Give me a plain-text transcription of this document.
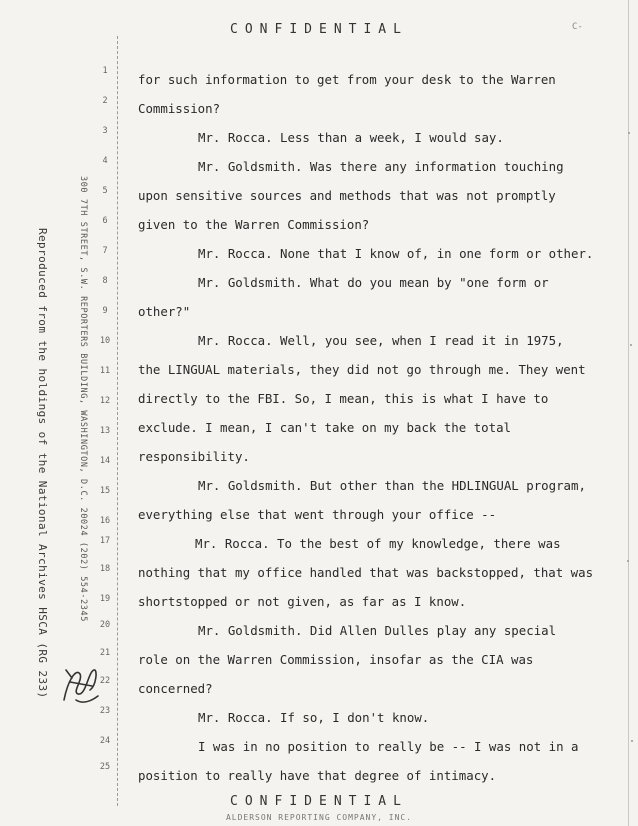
CONFIDENTIAL	C-
Reproduced from the holdings of the National Archives HSCA (RG 233)	300 7TH STREET, S.W. REPORTERS BUILDING, WASHINGTON, D.C. 20024 (202) 554-2345
1
2
3
4
5
6
7
8
9
10
11
12
13
14
15
16
17
18
19
20
21
22
23
24
25
for such information to get from your desk to the Warren
Commission?
Mr. Rocca. Less than a week, I would say.
Mr. Goldsmith. Was there any information touching
upon sensitive sources and methods that was not promptly
given to the Warren Commission?
Mr. Rocca. None that I know of, in one form or other.
Mr. Goldsmith. What do you mean by "one form or
other?"
Mr. Rocca. Well, you see, when I read it in 1975,
the LINGUAL materials, they did not go through me. They went
directly to the FBI. So, I mean, this is what I have to
exclude. I mean, I can't take on my back the total
responsibility.
Mr. Goldsmith. But other than the HDLINGUAL program,
everything else that went through your office --
Mr. Rocca. To the best of my knowledge, there was
nothing that my office handled that was backstopped, that was
shortstopped or not given, as far as I know.
Mr. Goldsmith. Did Allen Dulles play any special
role on the Warren Commission, insofar as the CIA was
concerned?
Mr. Rocca. If so, I don't know.
I was in no position to really be -- I was not in a
position to really have that degree of intimacy.
CONFIDENTIAL
ALDERSON REPORTING COMPANY, INC.
